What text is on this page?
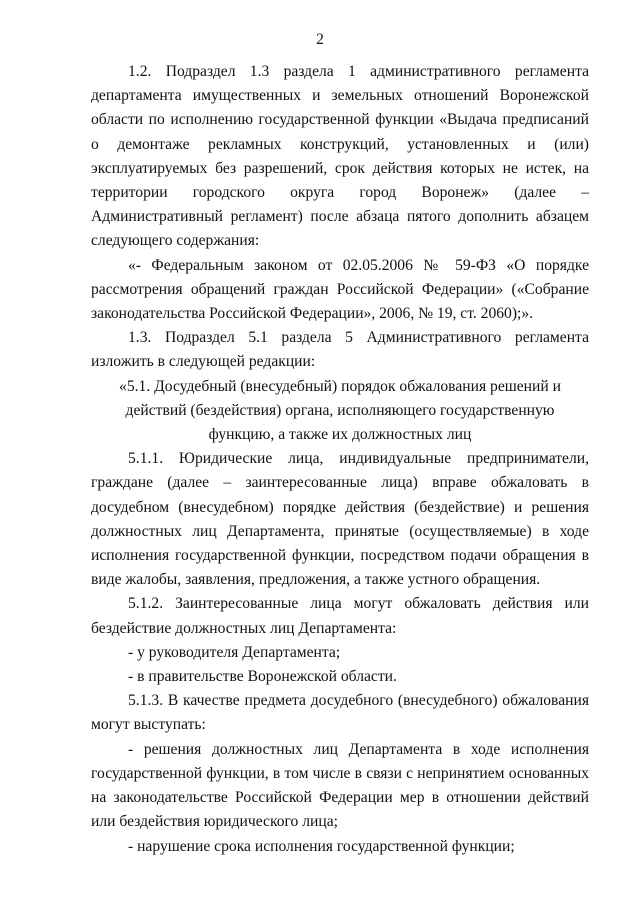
2

1.2. Подраздел 1.3 раздела 1 административного регламента департамента имущественных и земельных отношений Воронежской области по исполнению государственной функции «Выдача предписаний о демонтаже рекламных конструкций, установленных и (или) эксплуатируемых без разрешений, срок действия которых не истек, на территории городского округа город Воронеж» (далее – Административный регламент) после абзаца пятого дополнить абзацем следующего содержания:

«- Федеральным законом от 02.05.2006 № 59-ФЗ «О порядке рассмотрения обращений граждан Российской Федерации» («Собрание законодательства Российской Федерации», 2006, № 19, ст. 2060);».

1.3. Подраздел 5.1 раздела 5 Административного регламента изложить в следующей редакции:

«5.1. Досудебный (внесудебный) порядок обжалования решений и действий (бездействия) органа, исполняющего государственную функцию, а также их должностных лиц

5.1.1. Юридические лица, индивидуальные предприниматели, граждане (далее – заинтересованные лица) вправе обжаловать в досудебном (внесудебном) порядке действия (бездействие) и решения должностных лиц Департамента, принятые (осуществляемые) в ходе исполнения государственной функции, посредством подачи обращения в виде жалобы, заявления, предложения, а также устного обращения.

5.1.2. Заинтересованные лица могут обжаловать действия или бездействие должностных лиц Департамента:

- у руководителя Департамента;

- в правительстве Воронежской области.

5.1.3. В качестве предмета досудебного (внесудебного) обжалования могут выступать:

- решения должностных лиц Департамента в ходе исполнения государственной функции, в том числе в связи с непринятием основанных на законодательстве Российской Федерации мер в отношении действий или бездействия юридического лица;

- нарушение срока исполнения государственной функции;
